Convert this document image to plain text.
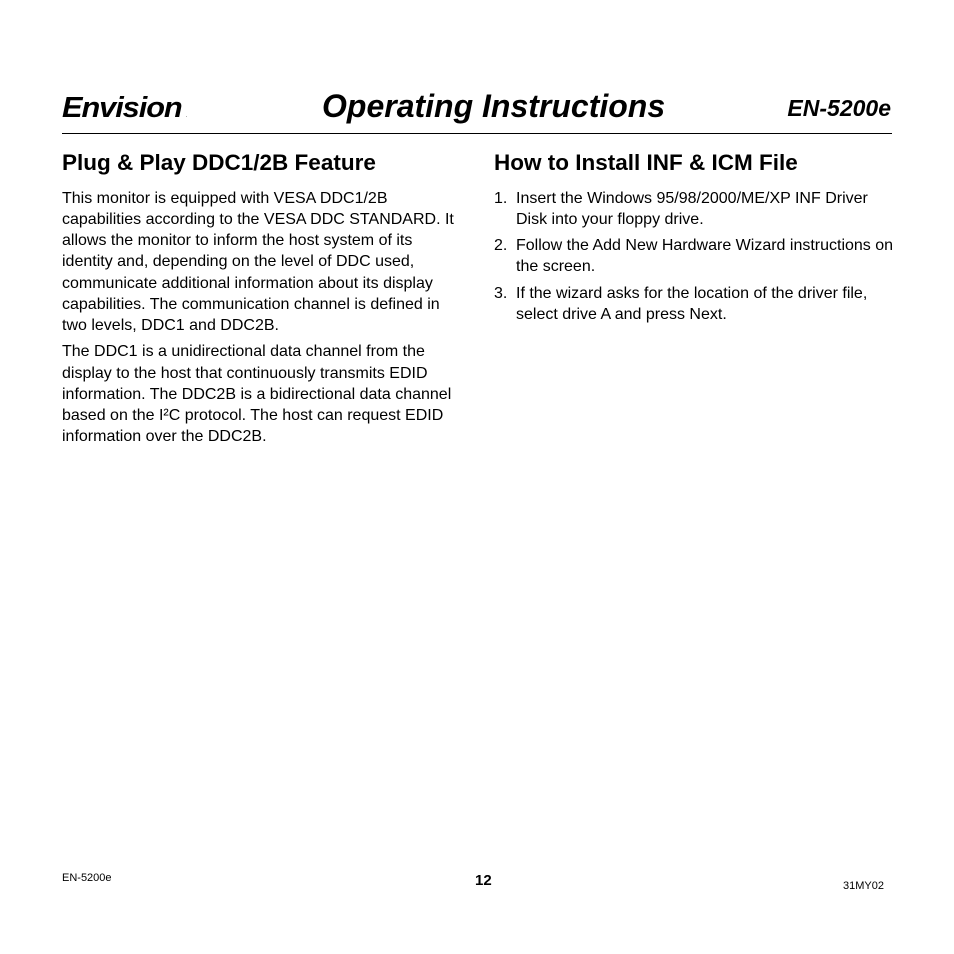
Envision .	Operating Instructions	EN-5200e
Plug & Play DDC1/2B Feature

This monitor is equipped with VESA DDC1/2B capabilities according to the VESA DDC STANDARD. It allows the monitor to inform the host system of its identity and, depending on the level of DDC used, communicate additional information about its display capabilities. The communication channel is defined in two levels, DDC1 and DDC2B.

The DDC1 is a unidirectional data channel from the display to the host that continuously transmits EDID information. The DDC2B is a bidirectional data channel based on the I²C protocol. The host can request EDID information over the DDC2B.

How to Install INF & ICM File
1. Insert the Windows 95/98/2000/ME/XP INF Driver Disk into your floppy drive.
2. Follow the Add New Hardware Wizard instructions on the screen.
3. If the wizard asks for the location of the driver file, select drive A and press Next.
EN-5200e	12	31MY02
